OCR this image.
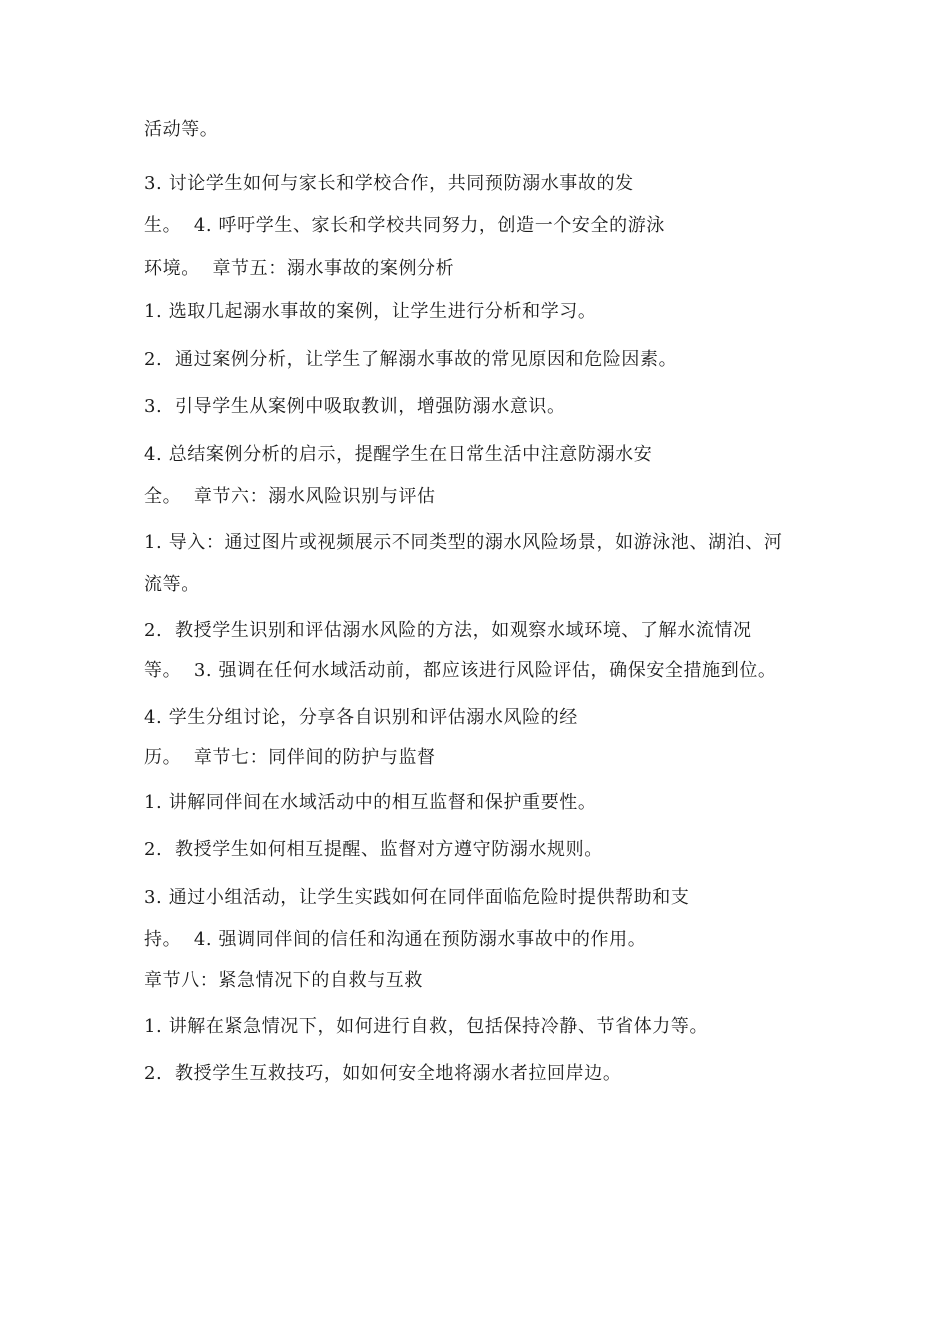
活动等。
3. 讨论学生如何与家长和学校合作，共同预防溺水事故的发
生。  4. 呼吁学生、家长和学校共同努力，创造一个安全的游泳
环境。  章节五：溺水事故的案例分析
1. 选取几起溺水事故的案例，让学生进行分析和学习。
2.  通过案例分析，让学生了解溺水事故的常见原因和危险因素。
3.  引导学生从案例中吸取教训，增强防溺水意识。
4. 总结案例分析的启示，提醒学生在日常生活中注意防溺水安
全。  章节六：溺水风险识别与评估
1. 导入：通过图片或视频展示不同类型的溺水风险场景，如游泳池、湖泊、河
流等。
2.  教授学生识别和评估溺水风险的方法，如观察水域环境、了解水流情况
等。  3. 强调在任何水域活动前，都应该进行风险评估，确保安全措施到位。
4. 学生分组讨论，分享各自识别和评估溺水风险的经
历。  章节七：同伴间的防护与监督
1. 讲解同伴间在水域活动中的相互监督和保护重要性。
2.  教授学生如何相互提醒、监督对方遵守防溺水规则。
3. 通过小组活动，让学生实践如何在同伴面临危险时提供帮助和支
持。  4. 强调同伴间的信任和沟通在预防溺水事故中的作用。
章节八：紧急情况下的自救与互救
1. 讲解在紧急情况下，如何进行自救，包括保持冷静、节省体力等。
2.  教授学生互救技巧，如如何安全地将溺水者拉回岸边。
